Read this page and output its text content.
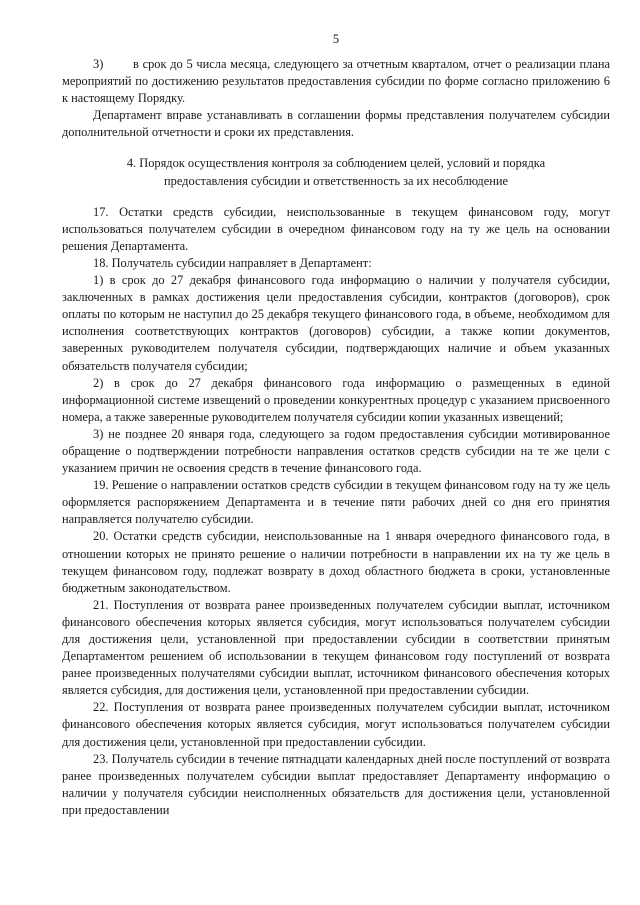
5

3) в срок до 5 числа месяца, следующего за отчетным кварталом, отчет о реализации плана мероприятий по достижению результатов предоставления субсидии по форме согласно приложению 6 к настоящему Порядку.

Департамент вправе устанавливать в соглашении формы представления получателем субсидии дополнительной отчетности и сроки их представления.

4. Порядок осуществления контроля за соблюдением целей, условий и порядка предоставления субсидии и ответственность за их несоблюдение

17. Остатки средств субсидии, неиспользованные в текущем финансовом году, могут использоваться получателем субсидии в очередном финансовом году на ту же цель на основании решения Департамента.

18. Получатель субсидии направляет в Департамент:

1) в срок до 27 декабря финансового года информацию о наличии у получателя субсидии, заключенных в рамках достижения цели предоставления субсидии, контрактов (договоров), срок оплаты по которым не наступил до 25 декабря текущего финансового года, в объеме, необходимом для исполнения соответствующих контрактов (договоров) субсидии, а также копии документов, заверенных руководителем получателя субсидии, подтверждающих наличие и объем указанных обязательств получателя субсидии;

2) в срок до 27 декабря финансового года информацию о размещенных в единой информационной системе извещений о проведении конкурентных процедур с указанием присвоенного номера, а также заверенные руководителем получателя субсидии копии указанных извещений;

3) не позднее 20 января года, следующего за годом предоставления субсидии мотивированное обращение о подтверждении потребности направления остатков средств субсидии на те же цели с указанием причин не освоения средств в течение финансового года.

19. Решение о направлении остатков средств субсидии в текущем финансовом году на ту же цель оформляется распоряжением Департамента и в течение пяти рабочих дней со дня его принятия направляется получателю субсидии.

20. Остатки средств субсидии, неиспользованные на 1 января очередного финансового года, в отношении которых не принято решение о наличии потребности в направлении их на ту же цель в текущем финансовом году, подлежат возврату в доход областного бюджета в сроки, установленные бюджетным законодательством.

21. Поступления от возврата ранее произведенных получателем субсидии выплат, источником финансового обеспечения которых является субсидия, могут использоваться получателем субсидии для достижения цели, установленной при предоставлении субсидии в соответствии принятым Департаментом решением об использовании в текущем финансовом году поступлений от возврата ранее произведенных получателями субсидии выплат, источником финансового обеспечения которых является субсидия, для достижения цели, установленной при предоставлении субсидии.

22. Поступления от возврата ранее произведенных получателем субсидии выплат, источником финансового обеспечения которых является субсидия, могут использоваться получателем субсидии для достижения цели, установленной при предоставлении субсидии.

23. Получатель субсидии в течение пятнадцати календарных дней после поступлений от возврата ранее произведенных получателем субсидии выплат предоставляет Департаменту информацию о наличии у получателя субсидии неисполненных обязательств для достижения цели, установленной при предоставлении
